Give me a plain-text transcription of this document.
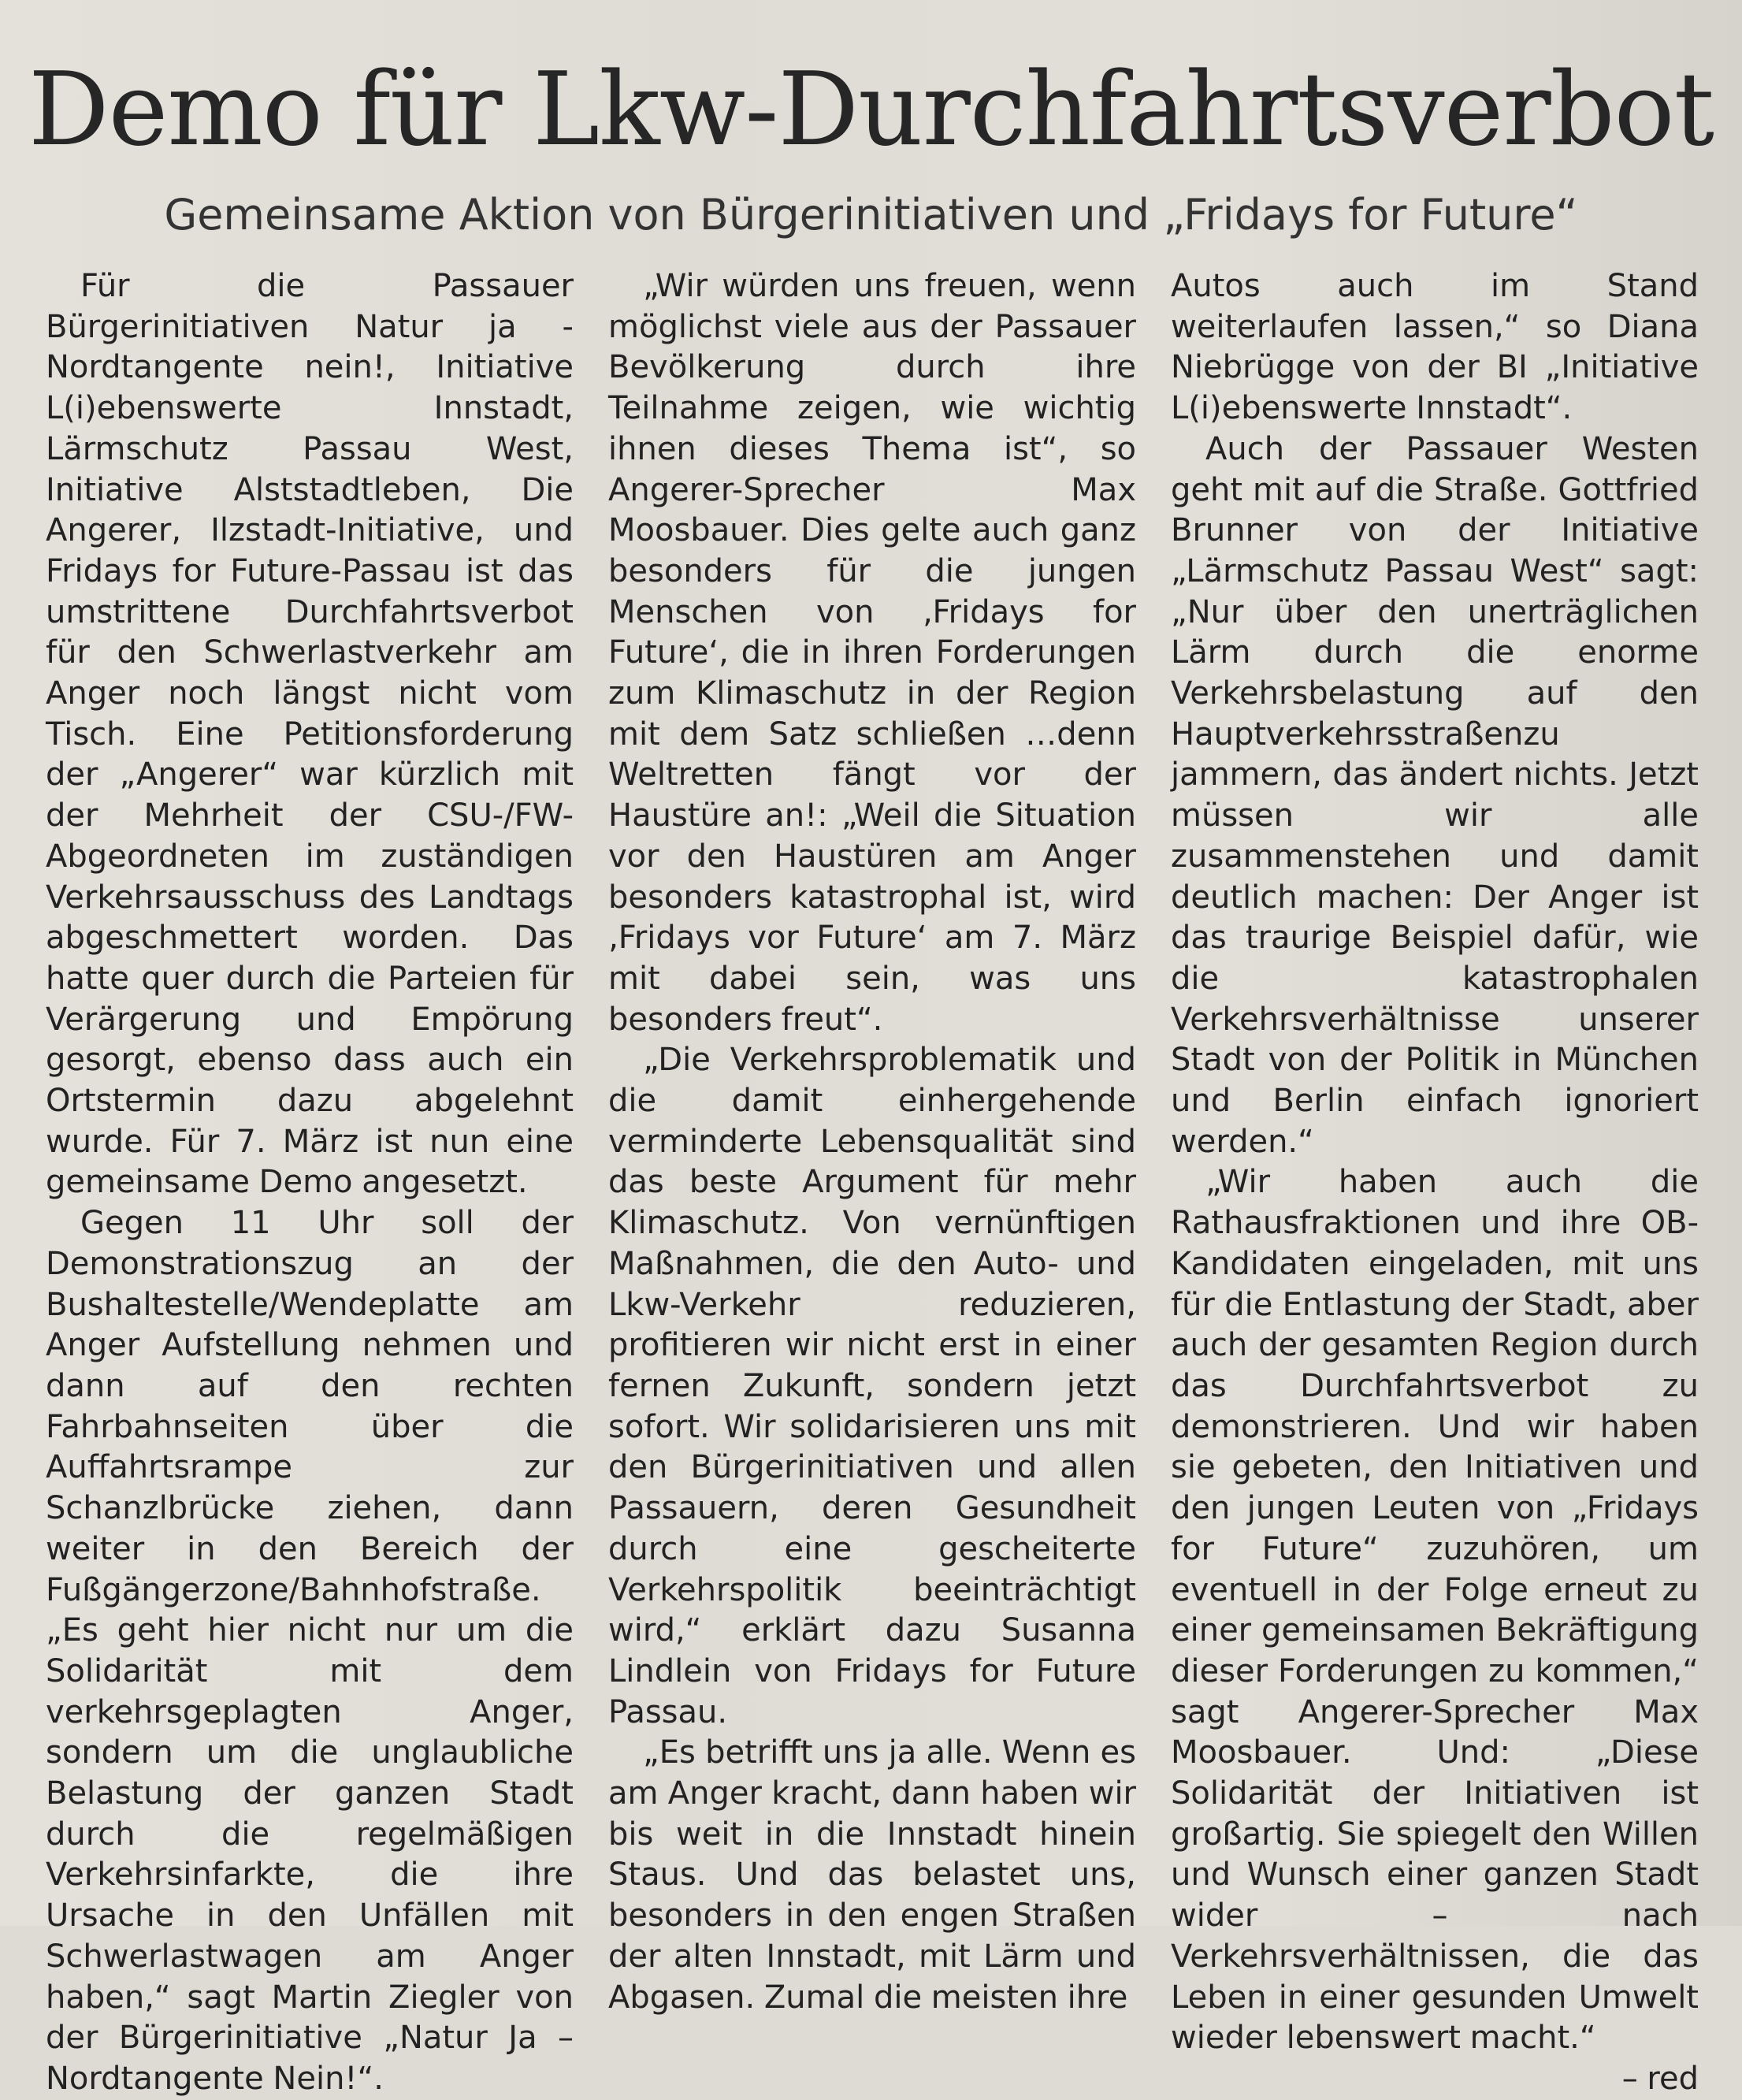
Demo für Lkw-Durchfahrtsverbot
Gemeinsame Aktion von Bürgerinitiativen und „Fridays for Future“

Für die Passauer Bürgerinitiativen Natur ja - Nordtangente nein!, Initiative L(i)ebenswerte Innstadt, Lärmschutz Passau West, Initiative Alststadtleben, Die Angerer, Ilzstadt-Initiative, und Fridays for Future-Passau ist das umstrittene Durchfahrtsverbot für den Schwerlastverkehr am Anger noch längst nicht vom Tisch. Eine Petitionsforderung der „Angerer“ war kürzlich mit der Mehrheit der CSU-/FW-Abgeordneten im zuständigen Verkehrsausschuss des Landtags abgeschmettert worden. Das hatte quer durch die Parteien für Verärgerung und Empörung gesorgt, ebenso dass auch ein Ortstermin dazu abgelehnt wurde. Für 7. März ist nun eine gemeinsame Demo angesetzt.

Gegen 11 Uhr soll der Demonstrationszug an der Bushaltestelle/Wendeplatte am Anger Aufstellung nehmen und dann auf den rechten Fahrbahnseiten über die Auffahrtsrampe zur Schanzlbrücke ziehen, dann weiter in den Bereich der Fußgängerzone/Bahnhofstraße. „Es geht hier nicht nur um die Solidarität mit dem verkehrsgeplagten Anger, sondern um die unglaubliche Belastung der ganzen Stadt durch die regelmäßigen Verkehrsinfarkte, die ihre Ursache in den Unfällen mit Schwerlastwagen am Anger haben,“ sagt Martin Ziegler von der Bürgerinitiative „Natur Ja – Nordtangente Nein!“.

„Wir würden uns freuen, wenn möglichst viele aus der Passauer Bevölkerung durch ihre Teilnahme zeigen, wie wichtig ihnen dieses Thema ist“, so Angerer-Sprecher Max Moosbauer. Dies gelte auch ganz besonders für die jungen Menschen von ‚Fridays for Future‘, die in ihren Forderungen zum Klimaschutz in der Region mit dem Satz schließen …denn Weltretten fängt vor der Haustüre an!: „Weil die Situation vor den Haustüren am Anger besonders katastrophal ist, wird ‚Fridays vor Future‘ am 7. März mit dabei sein, was uns besonders freut“.

„Die Verkehrsproblematik und die damit einhergehende verminderte Lebensqualität sind das beste Argument für mehr Klimaschutz. Von vernünftigen Maßnahmen, die den Auto- und Lkw-Verkehr reduzieren, profitieren wir nicht erst in einer fernen Zukunft, sondern jetzt sofort. Wir solidarisieren uns mit den Bürgerinitiativen und allen Passauern, deren Gesundheit durch eine gescheiterte Verkehrspolitik beeinträchtigt wird,“ erklärt dazu Susanna Lindlein von Fridays for Future Passau.

„Es betrifft uns ja alle. Wenn es am Anger kracht, dann haben wir bis weit in die Innstadt hinein Staus. Und das belastet uns, besonders in den engen Straßen der alten Innstadt, mit Lärm und Abgasen. Zumal die meisten ihre

Autos auch im Stand weiterlaufen lassen,“ so Diana Niebrügge von der BI „Initiative L(i)ebenswerte Innstadt“.

Auch der Passauer Westen geht mit auf die Straße. Gottfried Brunner von der Initiative „Lärmschutz Passau West“ sagt: „Nur über den unerträglichen Lärm durch die enorme Verkehrsbelastung auf den Hauptverkehrsstraßenzu jammern, das ändert nichts. Jetzt müssen wir alle zusammenstehen und damit deutlich machen: Der Anger ist das traurige Beispiel dafür, wie die katastrophalen Verkehrsverhältnisse unserer Stadt von der Politik in München und Berlin einfach ignoriert werden.“

„Wir haben auch die Rathausfraktionen und ihre OB-Kandidaten eingeladen, mit uns für die Entlastung der Stadt, aber auch der gesamten Region durch das Durchfahrtsverbot zu demonstrieren. Und wir haben sie gebeten, den Initiativen und den jungen Leuten von „Fridays for Future“ zuzuhören, um eventuell in der Folge erneut zu einer gemeinsamen Bekräftigung dieser Forderungen zu kommen,“ sagt Angerer-Sprecher Max Moosbauer. Und: „Diese Solidarität der Initiativen ist großartig. Sie spiegelt den Willen und Wunsch einer ganzen Stadt wider – nach Verkehrsverhältnissen, die das Leben in einer gesunden Umwelt wieder lebenswert macht.“

– red
